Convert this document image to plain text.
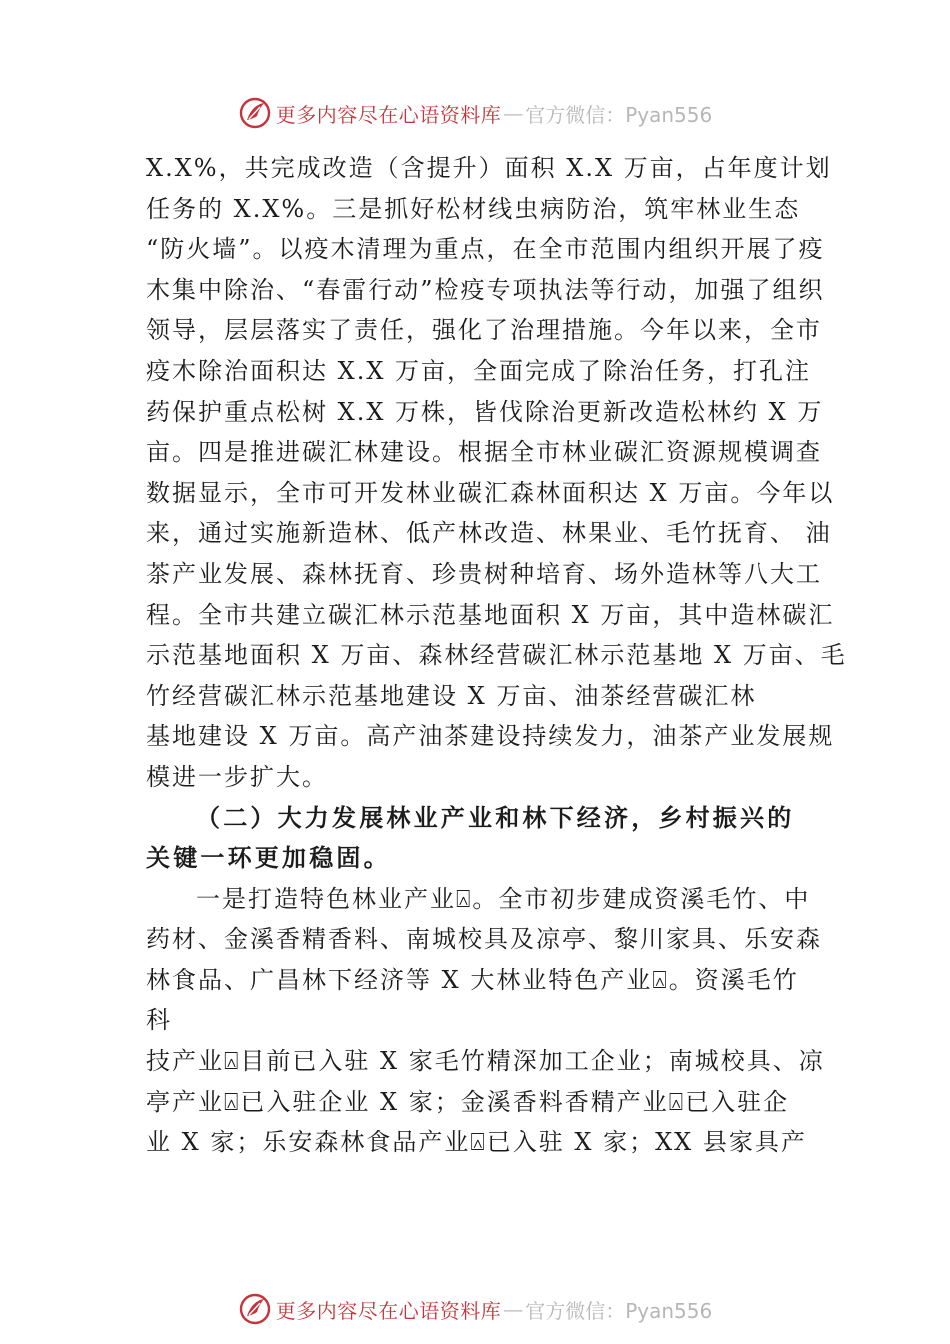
更多内容尽在心语资料库 — 官方微信：Pyan556
X.X%，共完成改造（含提升）面积 X.X 万亩，占年度计划
任务的 X.X%。三是抓好松材线虫病防治，筑牢林业生态
“防火墙”。以疫木清理为重点，在全市范围内组织开展了疫
木集中除治、“春雷行动”检疫专项执法等行动，加强了组织
领导，层层落实了责任，强化了治理措施。今年以来，全市
疫木除治面积达 X.X 万亩，全面完成了除治任务，打孔注
药保护重点松树 X.X 万株，皆伐除治更新改造松林约 X 万
亩。四是推进碳汇林建设。根据全市林业碳汇资源规模调查
数据显示，全市可开发林业碳汇森林面积达 X 万亩。今年以
来，通过实施新造林、低产林改造、林果业、毛竹抚育、 油
茶产业发展、森林抚育、珍贵树种培育、场外造林等八大工
程。全市共建立碳汇林示范基地面积 X 万亩，其中造林碳汇
示范基地面积 X 万亩、森林经营碳汇林示范基地 X 万亩、毛
竹经营碳汇林示范基地建设 X 万亩、油茶经营碳汇林
基地建设 X 万亩。高产油茶建设持续发力，油茶产业发展规
模进一步扩大。
（二）大力发展林业产业和林下经济，乡村振兴的
关键一环更加稳固。
一是打造特色林业产业⍓。全市初步建成资溪毛竹、中
药材、金溪香精香料、南城校具及凉亭、黎川家具、乐安森
林食品、广昌林下经济等 X 大林业特色产业⍓。资溪毛竹
科
技产业⍓目前已入驻 X 家毛竹精深加工企业；南城校具、凉
亭产业⍓已入驻企业 X 家；金溪香料香精产业⍓已入驻企
业 X 家；乐安森林食品产业⍓已入驻 X 家；XX 县家具产
更多内容尽在心语资料库 — 官方微信：Pyan556
